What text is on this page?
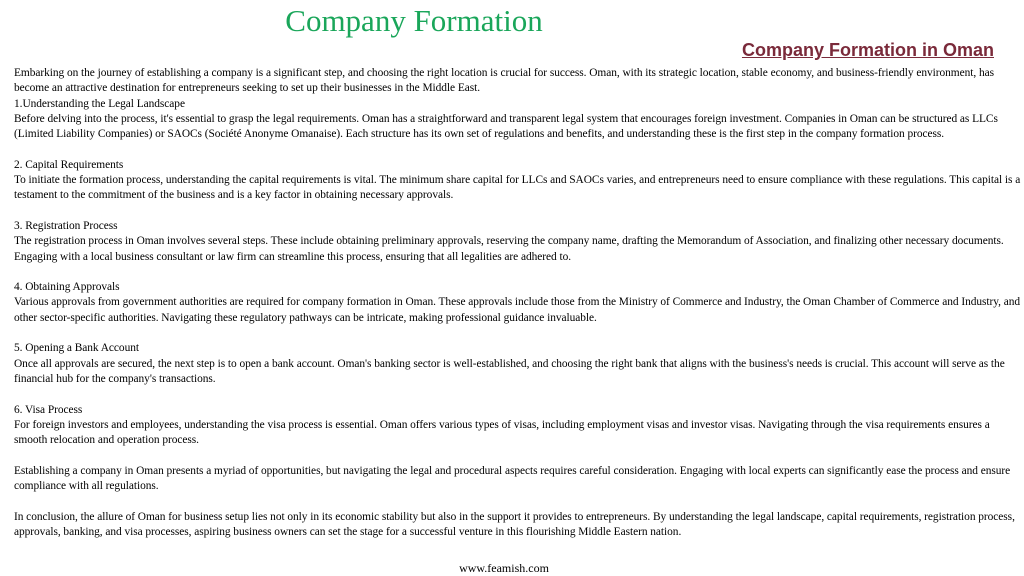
Company Formation
Company Formation in Oman

Embarking on the journey of establishing a company is a significant step, and choosing the right location is crucial for success. Oman, with its strategic location, stable economy, and business-friendly environment, has become an attractive destination for entrepreneurs seeking to set up their businesses in the Middle East.

1.Understanding the Legal Landscape

Before delving into the process, it's essential to grasp the legal requirements. Oman has a straightforward and transparent legal system that encourages foreign investment. Companies in Oman can be structured as LLCs (Limited Liability Companies) or SAOCs (Société Anonyme Omanaise). Each structure has its own set of regulations and benefits, and understanding these is the first step in the company formation process.

2. Capital Requirements

To initiate the formation process, understanding the capital requirements is vital. The minimum share capital for LLCs and SAOCs varies, and entrepreneurs need to ensure compliance with these regulations. This capital is a testament to the commitment of the business and is a key factor in obtaining necessary approvals.

3. Registration Process

The registration process in Oman involves several steps. These include obtaining preliminary approvals, reserving the company name, drafting the Memorandum of Association, and finalizing other necessary documents. Engaging with a local business consultant or law firm can streamline this process, ensuring that all legalities are adhered to.

4. Obtaining Approvals

Various approvals from government authorities are required for company formation in Oman. These approvals include those from the Ministry of Commerce and Industry, the Oman Chamber of Commerce and Industry, and other sector-specific authorities. Navigating these regulatory pathways can be intricate, making professional guidance invaluable.

5. Opening a Bank Account

Once all approvals are secured, the next step is to open a bank account. Oman's banking sector is well-established, and choosing the right bank that aligns with the business's needs is crucial. This account will serve as the financial hub for the company's transactions.

6. Visa Process

For foreign investors and employees, understanding the visa process is essential. Oman offers various types of visas, including employment visas and investor visas. Navigating through the visa requirements ensures a smooth relocation and operation process.

Establishing a company in Oman presents a myriad of opportunities, but navigating the legal and procedural aspects requires careful consideration. Engaging with local experts can significantly ease the process and ensure compliance with all regulations.

In conclusion, the allure of Oman for business setup lies not only in its economic stability but also in the support it provides to entrepreneurs. By understanding the legal landscape, capital requirements, registration process, approvals, banking, and visa processes, aspiring business owners can set the stage for a successful venture in this flourishing Middle Eastern nation.

www.feamish.com
